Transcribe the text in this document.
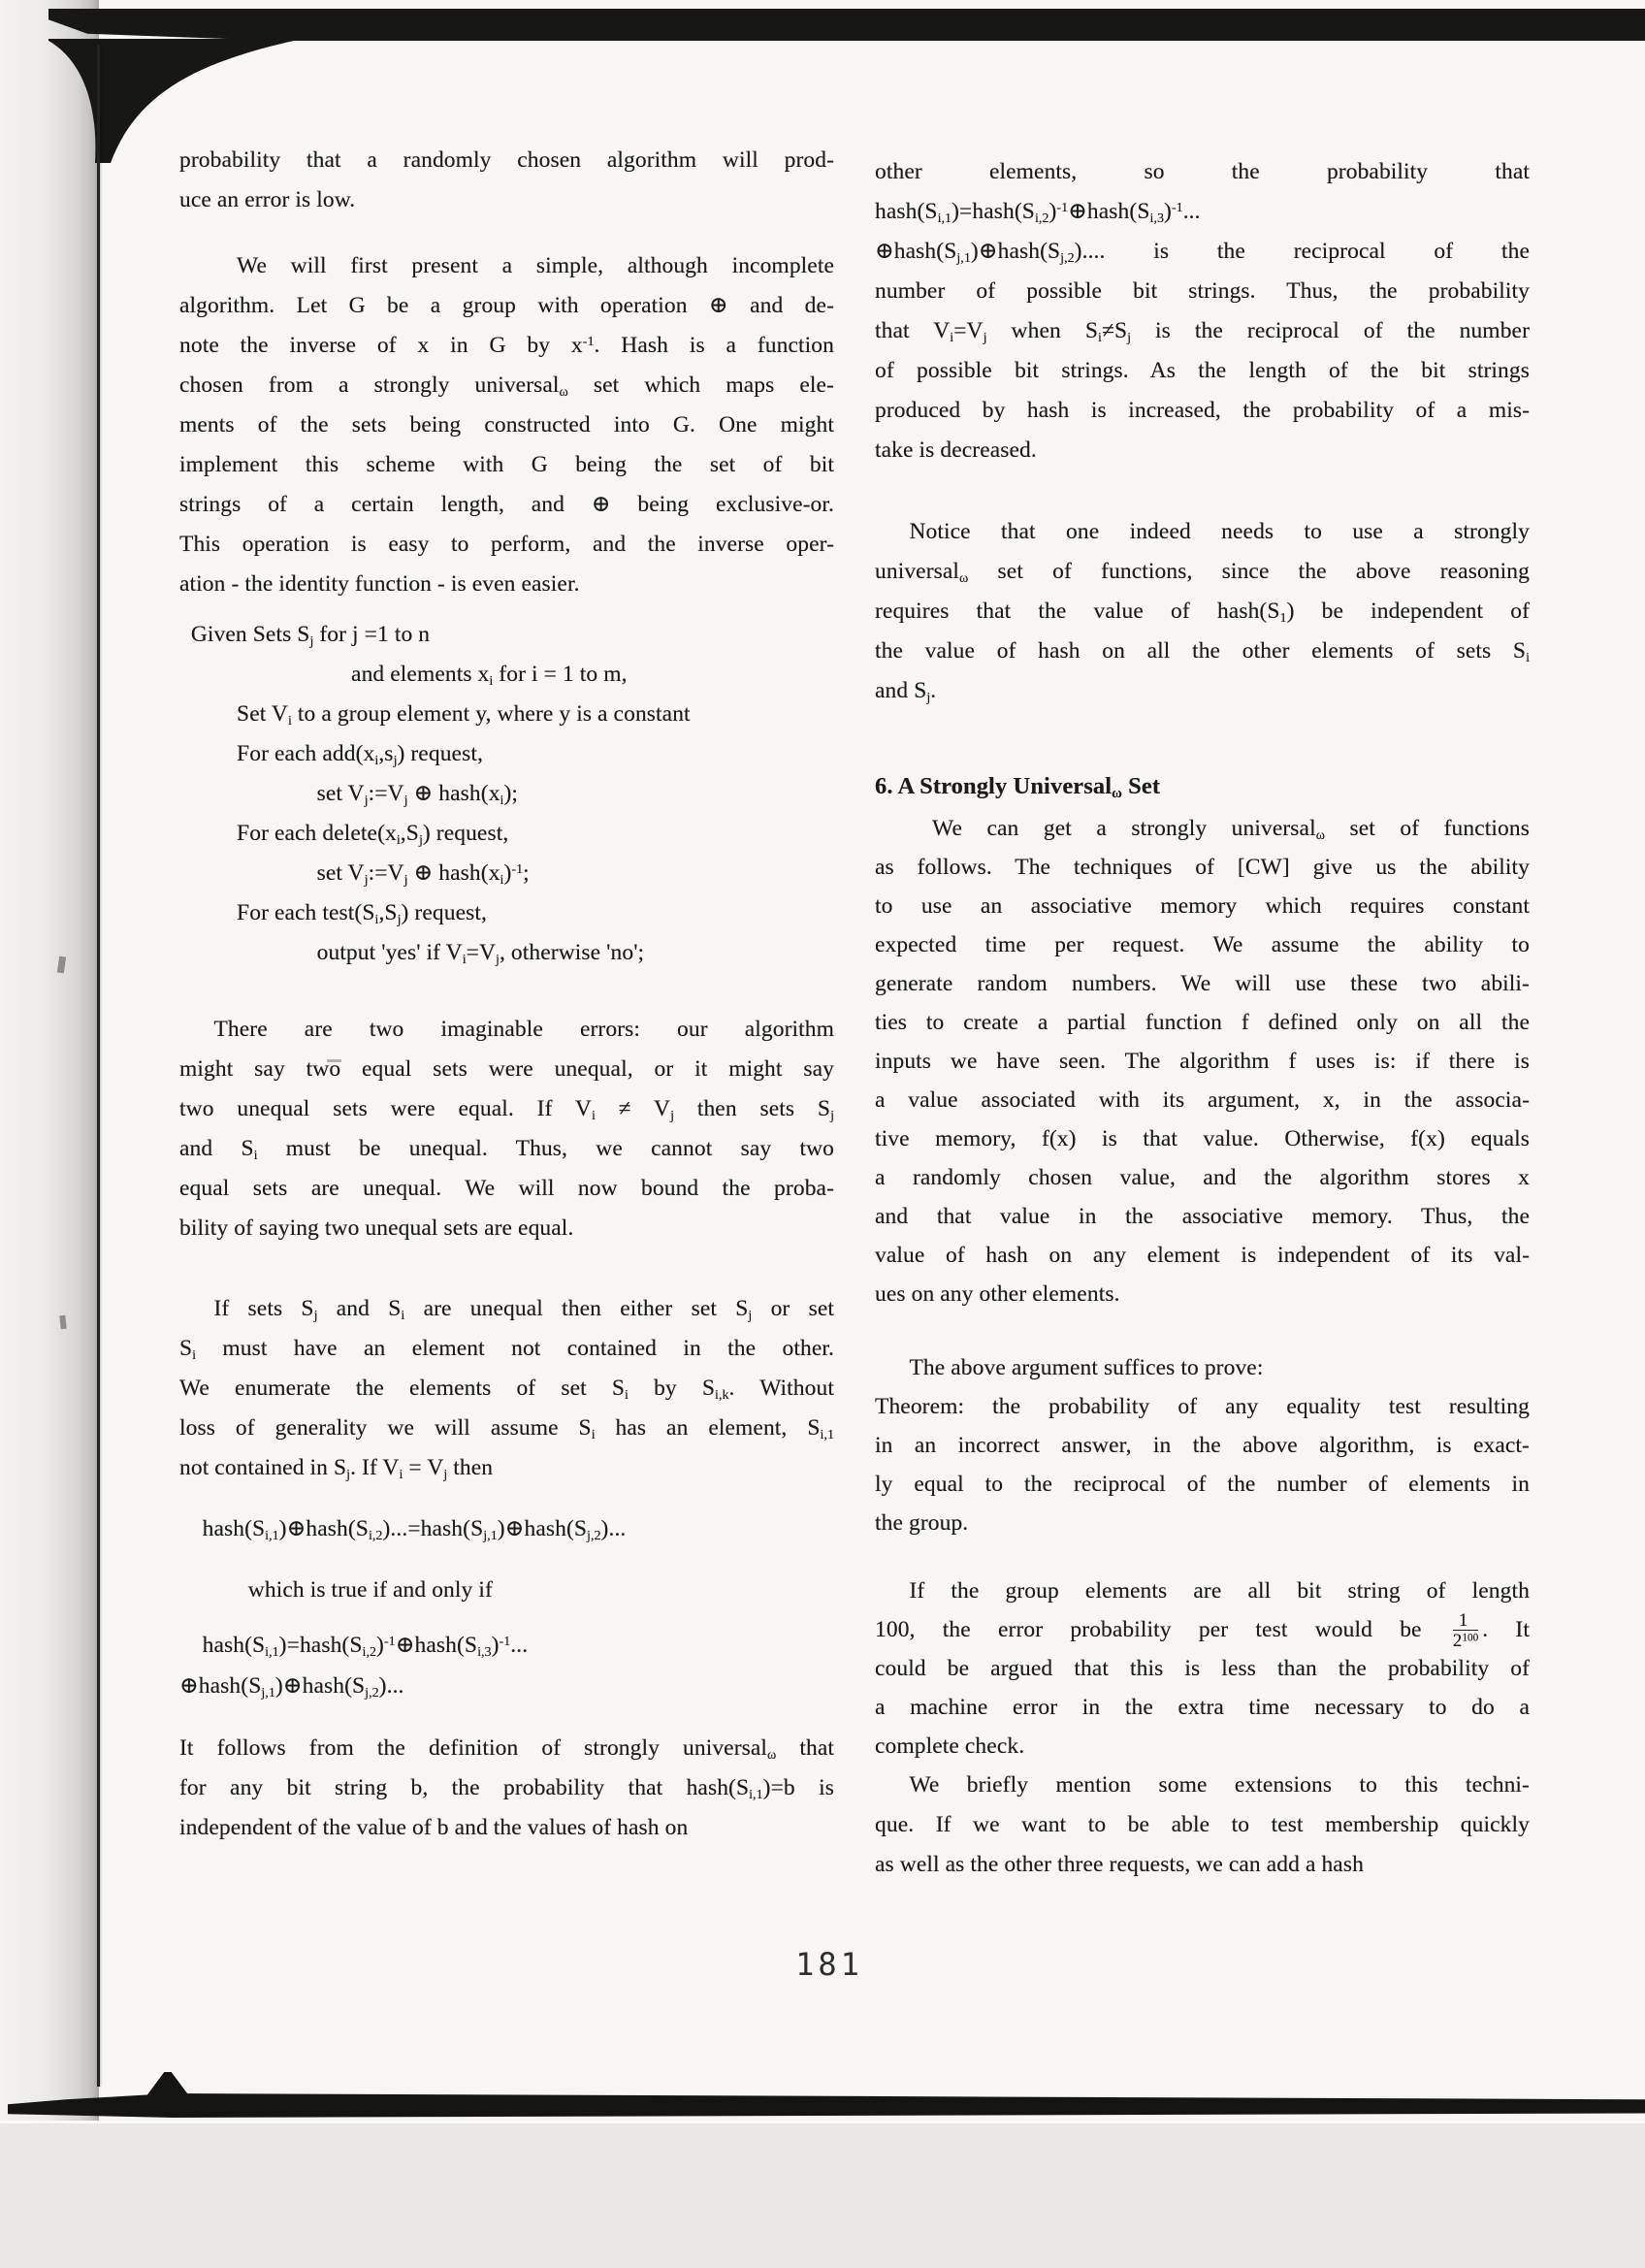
probability that a randomly chosen algorithm will prod-
uce an error is low.
   We will first present a simple, although incomplete
algorithm. Let G be a group with operation ⊕ and de-
note the inverse of x in G by $x^{-1}$. Hash is a function
chosen from a strongly universal$_\omega$ set which maps ele-
ments of the sets being constructed into G. One might
implement this scheme with G being the set of bit
strings of a certain length, and ⊕ being exclusive-or.
This operation is easy to perform, and the inverse oper-
ation - the identity function - is even easier.
 Given Sets $S_j$ for j =1 to n
        and elements $x_i$ for i = 1 to m,
   Set $V_i$ to a group element y, where y is a constant
   For each $add(x_i,s_j)$ request,
      set $V_j:=V_j$ ⊕ $hash(x_i)$;
   For each $delete(x_i,S_j)$ request,
      set $V_j:=V_j$ ⊕ $hash(x_i)^{-1}$;
   For each $test(S_i,S_j)$ request,
      output 'yes' if $V_i=V_j$, otherwise 'no';
  There are two imaginable errors: our algorithm
might say two equal sets were unequal, or it might say
two unequal sets were equal. If $V_i \ne V_j$ then sets $S_j$
and $S_i$ must be unequal. Thus, we cannot say two
equal sets are unequal. We will now bound the proba-
bility of saying two unequal sets are equal.
  If sets $S_j$ and $S_i$ are unequal then either set $S_j$ or set
$S_i$ must have an element not contained in the other.
We enumerate the elements of set $S_i$ by $S_{i,k}$. Without
loss of generality we will assume $S_i$ has an element, $S_{i,1}$
not contained in $S_j$. If $V_i = V_j$ then
 $hash(S_{i,1})\oplus hash(S_{i,2})...=hash(S_{j,1})\oplus hash(S_{j,2})$...
   which is true if and only if
 $hash(S_{i,1})=hash(S_{i,2})^{-1}\oplus hash(S_{i,3})^{-1}$...
$\oplus hash(S_{j,1})\oplus hash(S_{j,2})$...
It follows from the definition of strongly universal$_\omega$ that
for any bit string b, the probability that $hash(S_{i,1})=b$ is
independent of the value of b and the values of hash on
other elements, so the probability that
$hash(S_{i,1})=hash(S_{i,2})^{-1}\oplus hash(S_{i,3})^{-1}$...
$\oplus hash(S_{j,1})\oplus hash(S_{j,2})$.... is the reciprocal of the
number of possible bit strings. Thus, the probability
that $V_i=V_j$ when $S_i\ne S_j$ is the reciprocal of the number
of possible bit strings. As the length of the bit strings
produced by hash is increased, the probability of a mis-
take is decreased.
  Notice that one indeed needs to use a strongly
universal$_\omega$ set of functions, since the above reasoning
requires that the value of $hash(S_1)$ be independent of
the value of hash on all the other elements of sets $S_i$
and $S_j$.
6. A Strongly Universal$_\omega$ Set
   We can get a strongly universal$_\omega$ set of functions
as follows. The techniques of [CW] give us the ability
to use an associative memory which requires constant
expected time per request. We assume the ability to
generate random numbers. We will use these two abili-
ties to create a partial function f defined only on all the
inputs we have seen. The algorithm f uses is: if there is
a value associated with its argument, x, in the associa-
tive memory, f(x) is that value. Otherwise, f(x) equals
a randomly chosen value, and the algorithm stores x
and that value in the associative memory. Thus, the
value of hash on any element is independent of its val-
ues on any other elements.
  The above argument suffices to prove:
Theorem: the probability of any equality test resulting
in an incorrect answer, in the above algorithm, is exact-
ly equal to the reciprocal of the number of elements in
the group.
  If the group elements are all bit string of length
100, the error probability per test would be $\frac{1}{2^{100}}$ . It
could be argued that this is less than the probability of
a machine error in the extra time necessary to do a
complete check.
  We briefly mention some extensions to this techni-
que. If we want to be able to test membership quickly
as well as the other three requests, we can add a hash
181
